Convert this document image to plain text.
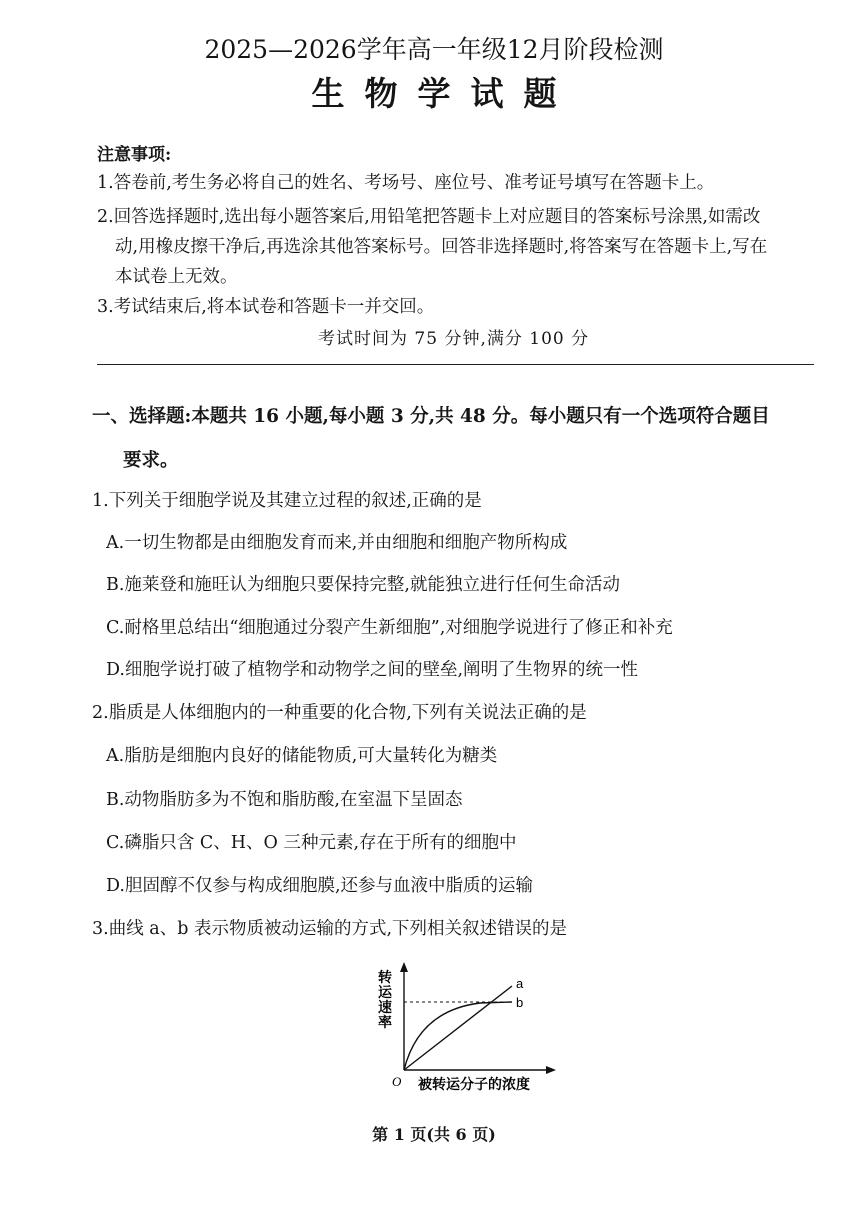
2025—2026学年高一年级12月阶段检测
生物学试题
注意事项:
1.答卷前,考生务必将自己的姓名、考场号、座位号、准考证号填写在答题卡上。
2.回答选择题时,选出每小题答案后,用铅笔把答题卡上对应题目的答案标号涂黑,如需改
动,用橡皮擦干净后,再选涂其他答案标号。回答非选择题时,将答案写在答题卡上,写在
本试卷上无效。
3.考试结束后,将本试卷和答题卡一并交回。
考试时间为 75 分钟,满分 100 分
一、选择题:本题共 16 小题,每小题 3 分,共 48 分。每小题只有一个选项符合题目
要求。
1.下列关于细胞学说及其建立过程的叙述,正确的是
A.一切生物都是由细胞发育而来,并由细胞和细胞产物所构成
B.施莱登和施旺认为细胞只要保持完整,就能独立进行任何生命活动
C.耐格里总结出“细胞通过分裂产生新细胞”,对细胞学说进行了修正和补充
D.细胞学说打破了植物学和动物学之间的壁垒,阐明了生物界的统一性
2.脂质是人体细胞内的一种重要的化合物,下列有关说法正确的是
A.脂肪是细胞内良好的储能物质,可大量转化为糖类
B.动物脂肪多为不饱和脂肪酸,在室温下呈固态
C.磷脂只含 C、H、O 三种元素,存在于所有的细胞中
D.胆固醇不仅参与构成细胞膜,还参与血液中脂质的运输
3.曲线 a、b 表示物质被动运输的方式,下列相关叙述错误的是
a
b
O 被转运分子的浓度
转运速率
第 1 页(共 6 页)
